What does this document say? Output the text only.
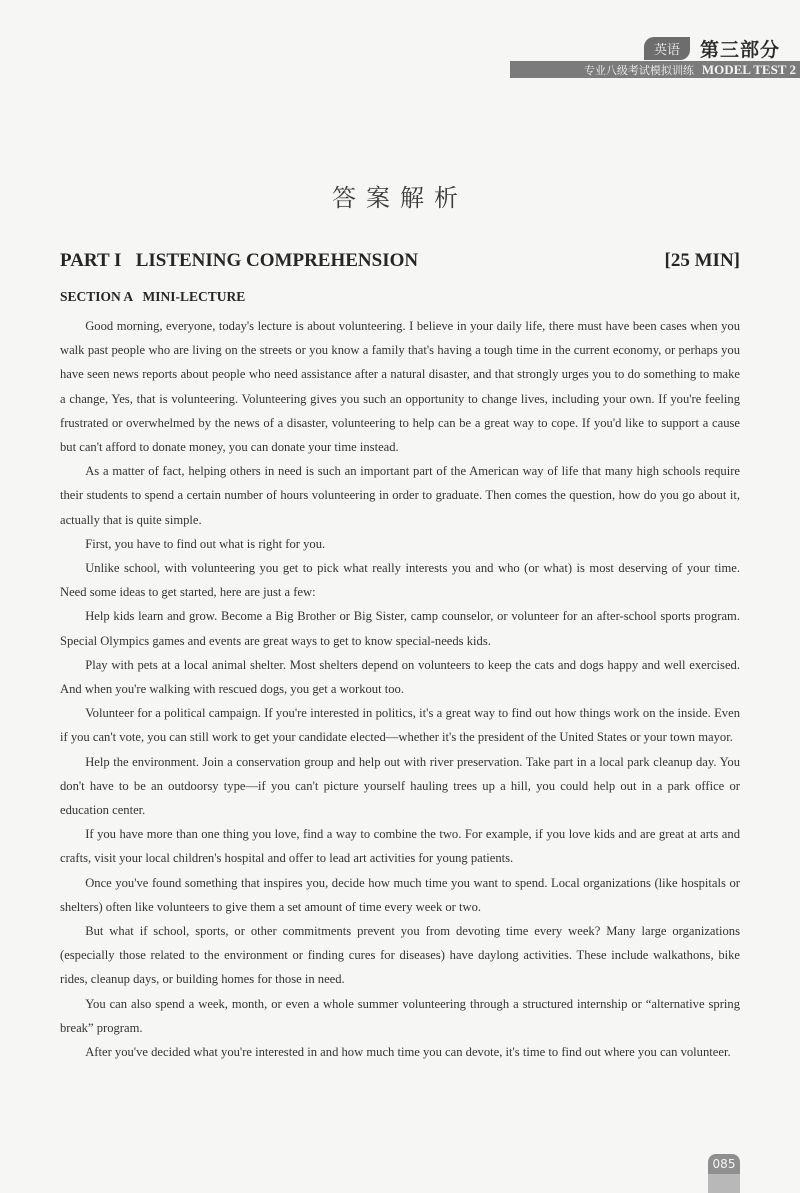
英语	第三部分
专业八级考试模拟训练 MODEL TEST 2
答案解析
PART I   LISTENING COMPREHENSION	[25 MIN]
SECTION A   MINI-LECTURE

Good morning, everyone, today's lecture is about volunteering. I believe in your daily life, there must have been cases when you walk past people who are living on the streets or you know a family that's having a tough time in the current economy, or perhaps you have seen news reports about people who need assistance after a natural disaster, and that strongly urges you to do something to make a change, Yes, that is volunteering. Volunteering gives you such an opportunity to change lives, including your own. If you're feeling frustrated or overwhelmed by the news of a disaster, volunteering to help can be a great way to cope. If you'd like to support a cause but can't afford to donate money, you can donate your time instead.

As a matter of fact, helping others in need is such an important part of the American way of life that many high schools require their students to spend a certain number of hours volunteering in order to graduate. Then comes the question, how do you go about it, actually that is quite simple.

First, you have to find out what is right for you.

Unlike school, with volunteering you get to pick what really interests you and who (or what) is most deserving of your time. Need some ideas to get started, here are just a few:

Help kids learn and grow. Become a Big Brother or Big Sister, camp counselor, or volunteer for an after-school sports program. Special Olympics games and events are great ways to get to know special-needs kids.

Play with pets at a local animal shelter. Most shelters depend on volunteers to keep the cats and dogs happy and well exercised. And when you're walking with rescued dogs, you get a workout too.

Volunteer for a political campaign. If you're interested in politics, it's a great way to find out how things work on the inside. Even if you can't vote, you can still work to get your candidate elected—whether it's the president of the United States or your town mayor.

Help the environment. Join a conservation group and help out with river preservation. Take part in a local park cleanup day. You don't have to be an outdoorsy type—if you can't picture yourself hauling trees up a hill, you could help out in a park office or education center.

If you have more than one thing you love, find a way to combine the two. For example, if you love kids and are great at arts and crafts, visit your local children's hospital and offer to lead art activities for young patients.

Once you've found something that inspires you, decide how much time you want to spend. Local organizations (like hospitals or shelters) often like volunteers to give them a set amount of time every week or two.

But what if school, sports, or other commitments prevent you from devoting time every week? Many large organizations (especially those related to the environment or finding cures for diseases) have daylong activities. These include walkathons, bike rides, cleanup days, or building homes for those in need.

You can also spend a week, month, or even a whole summer volunteering through a structured internship or “alternative spring break” program.

After you've decided what you're interested in and how much time you can devote, it's time to find out where you can volunteer.

085
